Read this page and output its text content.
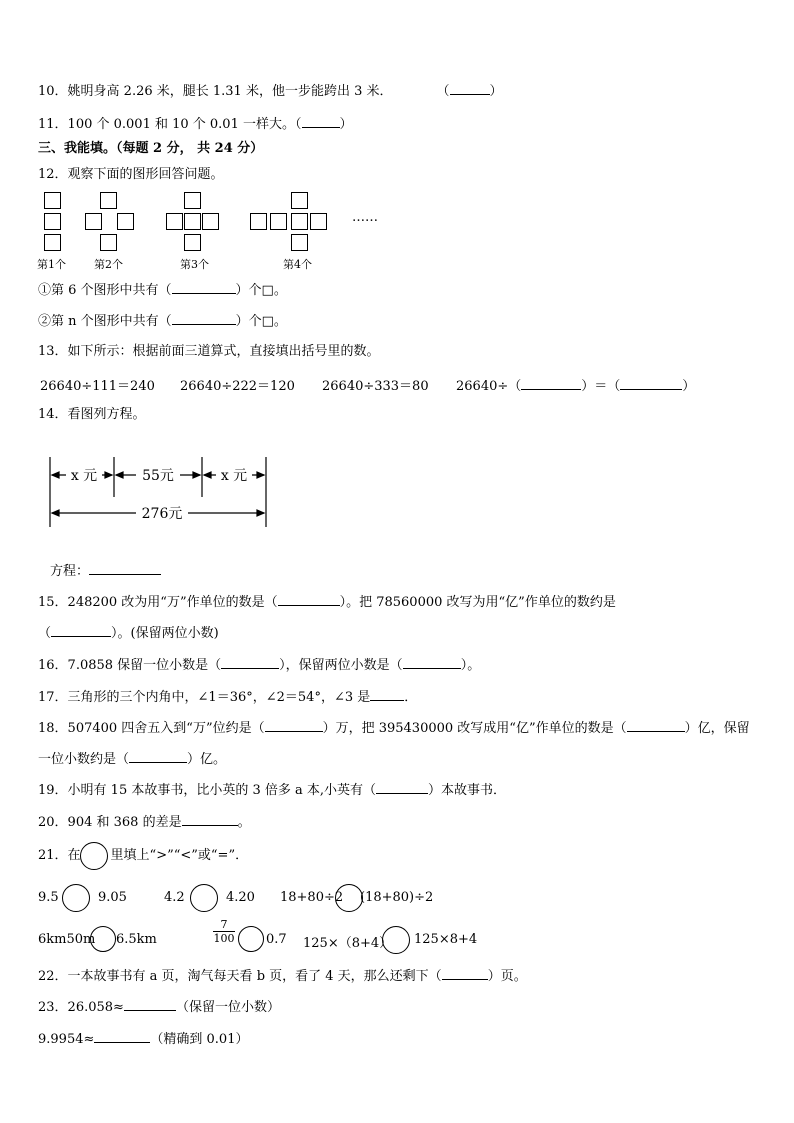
10．姚明身高 2.26 米，腿长 1.31 米，他一步能跨出 3 米．	（	）
11．100 个 0.001 和 10 个 0.01 一样大。（	）
三、我能填。（每题 2 分， 共 24 分）
12．观察下面的图形回答问题。
……
第1个	第2个	第3个	第4个
①第 6 个图形中共有（	）个□。
②第 n 个图形中共有（	）个□。
13．如下所示：根据前面三道算式，直接填出括号里的数。
26640÷111＝240 26640÷222＝120 26640÷333＝80 26640÷（	）＝（	）
14．看图列方程。
x 元	55元	x 元
276元
方程：
15．248200 改为用“万”作单位的数是（	）。把 78560000 改写为用“亿”作单位的数约是
（	）。(保留两位小数)
16．7.0858 保留一位小数是（	），保留两位小数是（	）。
17．三角形的三个内角中，∠1＝36°，∠2＝54°，∠3 是	．
18．507400 四舍五入到“万”位约是（	）万，把 395430000 改写成用“亿”作单位的数是（	）亿，保留
一位小数约是（	）亿。
19．小明有 15 本故事书，比小英的 3 倍多 a 本,小英有（	）本故事书．
20．904 和 368 的差是	。
21．在 里填上“>”“<”或“=”．
9.5	9.05	4.2	4.20 18+80÷2 (18+80)÷2
6km50m 6.5km	$\frac{7}{100} 0.7$ 125×（8+4） 125×8+4
22．一本故事书有 a 页，淘气每天看 b 页，看了 4 天，那么还剩下（	）页。
23．26.058≈	（保留一位小数）
9.9954≈	（精确到 0.01）
